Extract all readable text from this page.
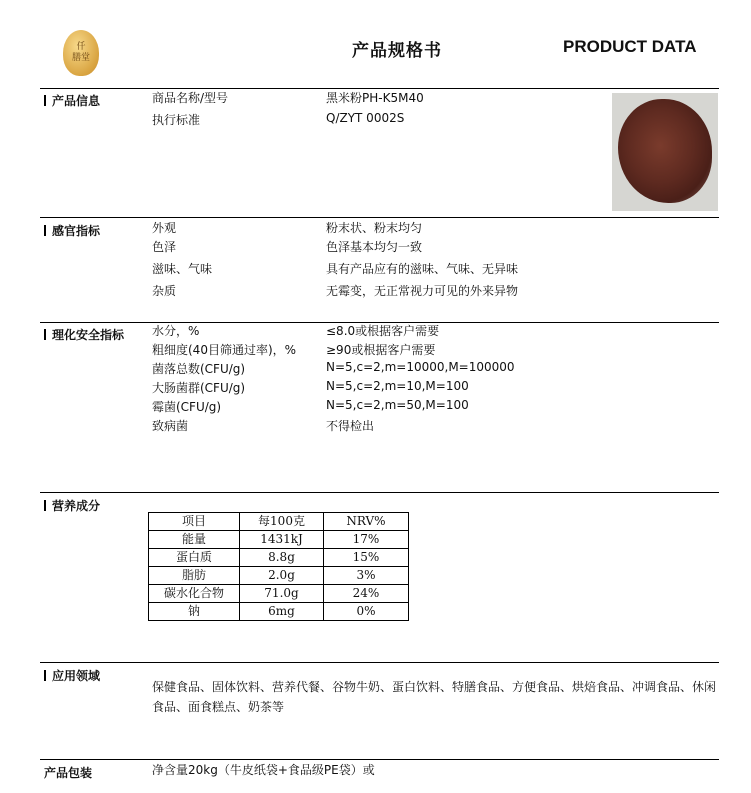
仟
膳堂	产品规格书	PRODUCT DATA
产品信息	商品名称/型号	黑米粉PH-K5M40
执行标准	Q/ZYT 0002S
感官指标	外观	粉末状、粉末均匀
色泽	色泽基本均匀一致
滋味、气味	具有产品应有的滋味、气味、无异味
杂质	无霉变，无正常视力可见的外来异物
理化安全指标 水分，%	≤8.0或根据客户需要
粗细度(40目筛通过率)，% ≥90或根据客户需要
菌落总数(CFU/g)	N=5,c=2,m=10000,M=100000
大肠菌群(CFU/g)	N=5,c=2,m=10,M=100
霉菌(CFU/g)	N=5,c=2,m=50,M=100
致病菌	不得检出
营养成分
项目	每100克	NRV%
能量	1431kJ	17%
蛋白质	8.8g	15%
脂肪	2.0g	3%
碳水化合物	71.0g	24%
钠	6mg	0%
应用领域
保健食品、固体饮料、营养代餐、谷物牛奶、蛋白饮料、特膳食品、方便食品、烘焙食品、冲调食品、休闲食品、面食糕点、奶茶等
产品包装	净含量20kg（牛皮纸袋+食品级PE袋）或
